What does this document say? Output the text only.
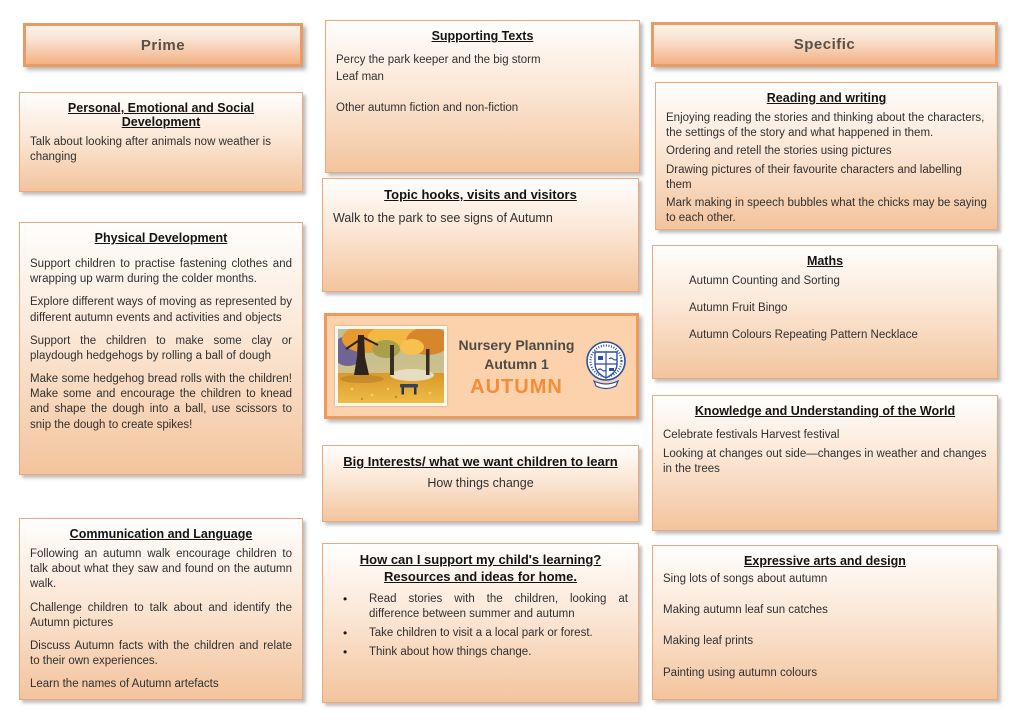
Prime
Personal, Emotional and Social Development

Talk about looking after animals now weather is changing

Physical Development

Support children to practise fastening clothes and wrapping up warm during the colder months.

Explore different ways of moving as represented by different autumn events and activities and objects

Support the children to make some clay or playdough hedgehogs by rolling a ball of dough

Make some hedgehog bread rolls with the children! Make some and encourage the children to knead and shape the dough into a ball, use scissors to snip the dough to create spikes!

Communication and Language

Following an autumn walk encourage children to talk about what they saw and found on the autumn walk.

Challenge children to talk about and identify the Autumn pictures

Discuss Autumn facts with the children and relate to their own experiences.

Learn the names of Autumn artefacts

Supporting Texts

Percy the park keeper and the big storm

Leaf man

Other autumn fiction and non-fiction

Topic hooks, visits and visitors

Walk to the park to see signs of Autumn

Nursery Planning
Autumn 1
AUTUMN
Big Interests/ what we want children to learn

How things change

How can I support my child's learning?
Resources and ideas for home.
• Read stories with the children, looking at difference between summer and autumn
• Take children to visit a a local park or forest.
• Think about how things change.
Specific
Reading and writing

Enjoying reading the stories and thinking about the characters, the settings of the story and what happened in them.

Ordering and retell the stories using pictures

Drawing pictures of their favourite characters and labelling them

Mark making in speech bubbles what the chicks may be saying to each other.

Maths
Autumn Counting and Sorting
Autumn Fruit Bingo
Autumn Colours Repeating Pattern Necklace
Knowledge and Understanding of the World

Celebrate festivals Harvest festival

Looking at changes out side—changes in weather and changes in the trees

Expressive arts and design

Sing lots of songs about autumn

Making autumn leaf sun catches

Making leaf prints

Painting using autumn colours
